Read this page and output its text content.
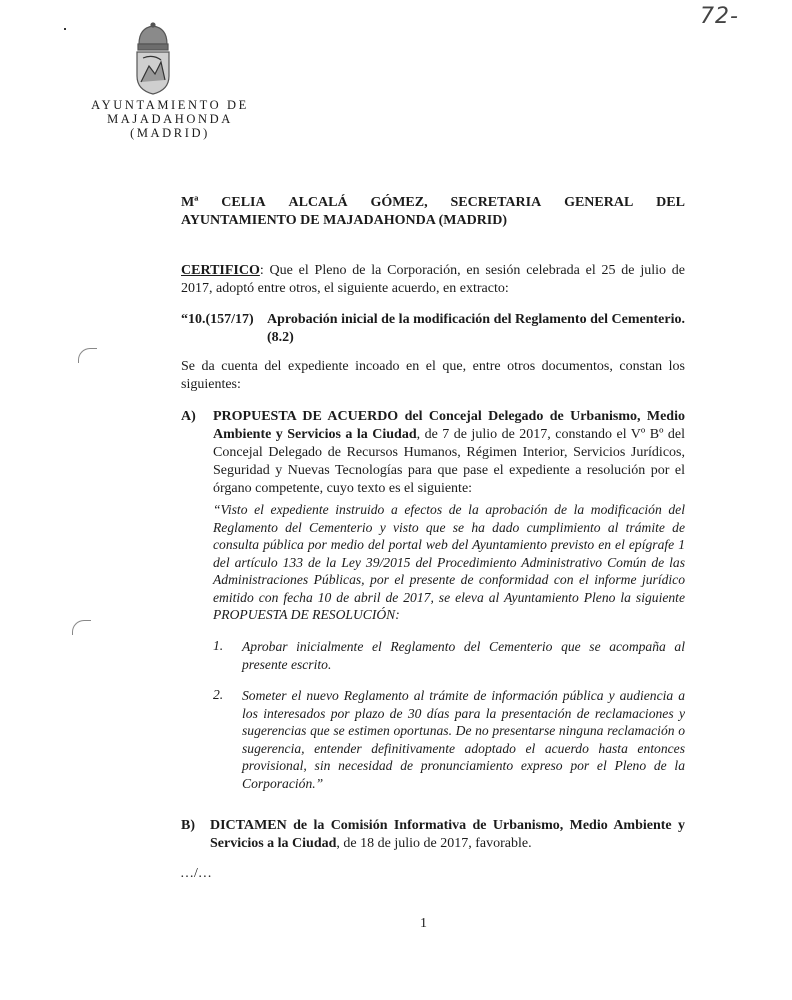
72-
AYUNTAMIENTO DE
MAJADAHONDA
(MADRID)
Mª CELIA ALCALÁ GÓMEZ, SECRETARIA GENERAL DEL
AYUNTAMIENTO DE MAJADAHONDA (MADRID)
CERTIFICO: Que el Pleno de la Corporación, en sesión celebrada el 25 de julio de 2017, adoptó entre otros, el siguiente acuerdo, en extracto:
“10.(157/17) Aprobación inicial de la modificación del Reglamento del Cementerio. (8.2)
Se da cuenta del expediente incoado en el que, entre otros documentos, constan los siguientes:
A) PROPUESTA DE ACUERDO del Concejal Delegado de Urbanismo, Medio Ambiente y Servicios a la Ciudad, de 7 de julio de 2017, constando el Vº Bº del Concejal Delegado de Recursos Humanos, Régimen Interior, Servicios Jurídicos, Seguridad y Nuevas Tecnologías para que pase el expediente a resolución por el órgano competente, cuyo texto es el siguiente:
“Visto el expediente instruido a efectos de la aprobación de la modificación del Reglamento del Cementerio y visto que se ha dado cumplimiento al trámite de consulta pública por medio del portal web del Ayuntamiento previsto en el epígrafe 1 del artículo 133 de la Ley 39/2015 del Procedimiento Administrativo Común de las Administraciones Públicas, por el presente de conformidad con el informe jurídico emitido con fecha 10 de abril de 2017, se eleva al Ayuntamiento Pleno la siguiente PROPUESTA DE RESOLUCIÓN:
1. Aprobar inicialmente el Reglamento del Cementerio que se acompaña al presente escrito.
2. Someter el nuevo Reglamento al trámite de información pública y audiencia a los interesados por plazo de 30 días para la presentación de reclamaciones y sugerencias que se estimen oportunas. De no presentarse ninguna reclamación o sugerencia, entender definitivamente adoptado el acuerdo hasta entonces provisional, sin necesidad de pronunciamiento expreso por el Pleno de la Corporación.”
B) DICTAMEN de la Comisión Informativa de Urbanismo, Medio Ambiente y Servicios a la Ciudad, de 18 de julio de 2017, favorable.
…/…
1
